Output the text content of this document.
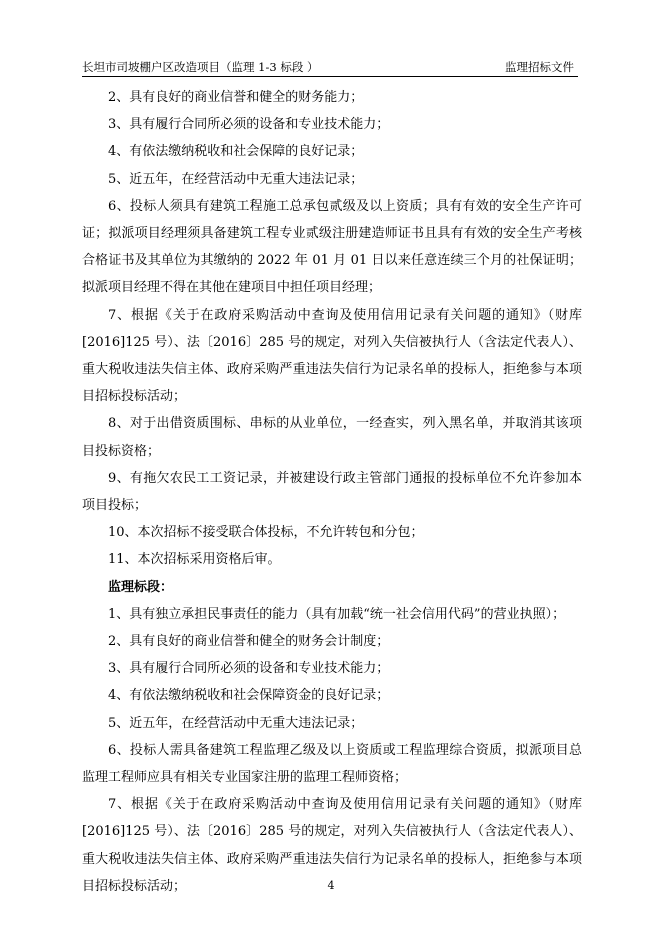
长坦市司坡棚户区改造项目（监理 1-3 标段 ）	监理招标文件

2、具有良好的商业信誉和健全的财务能力；

3、具有履行合同所必须的设备和专业技术能力；

4、有依法缴纳税收和社会保障的良好记录；

5、近五年，在经营活动中无重大违法记录；

6、投标人须具有建筑工程施工总承包贰级及以上资质；具有有效的安全生产许可证；拟派项目经理须具备建筑工程专业贰级注册建造师证书且具有有效的安全生产考核合格证书及其单位为其缴纳的 2022 年 01 月 01 日以来任意连续三个月的社保证明；拟派项目经理不得在其他在建项目中担任项目经理；

7、根据《关于在政府采购活动中查询及使用信用记录有关问题的通知》（财库[2016]125 号）、法〔2016〕285 号的规定，对列入失信被执行人（含法定代表人）、重大税收违法失信主体、政府采购严重违法失信行为记录名单的投标人，拒绝参与本项目招标投标活动；

8、对于出借资质围标、串标的从业单位，一经查实，列入黑名单，并取消其该项目投标资格；

9、有拖欠农民工工资记录，并被建设行政主管部门通报的投标单位不允许参加本项目投标；

10、本次招标不接受联合体投标，不允许转包和分包；

11、本次招标采用资格后审。

监理标段：

1、具有独立承担民事责任的能力（具有加载“统一社会信用代码”的营业执照）；

2、具有良好的商业信誉和健全的财务会计制度；

3、具有履行合同所必须的设备和专业技术能力；

4、有依法缴纳税收和社会保障资金的良好记录；

5、近五年，在经营活动中无重大违法记录；

6、投标人需具备建筑工程监理乙级及以上资质或工程监理综合资质，拟派项目总监理工程师应具有相关专业国家注册的监理工程师资格；

7、根据《关于在政府采购活动中查询及使用信用记录有关问题的通知》（财库[2016]125 号）、法〔2016〕285 号的规定，对列入失信被执行人（含法定代表人）、重大税收违法失信主体、政府采购严重违法失信行为记录名单的投标人，拒绝参与本项目招标投标活动；	4
